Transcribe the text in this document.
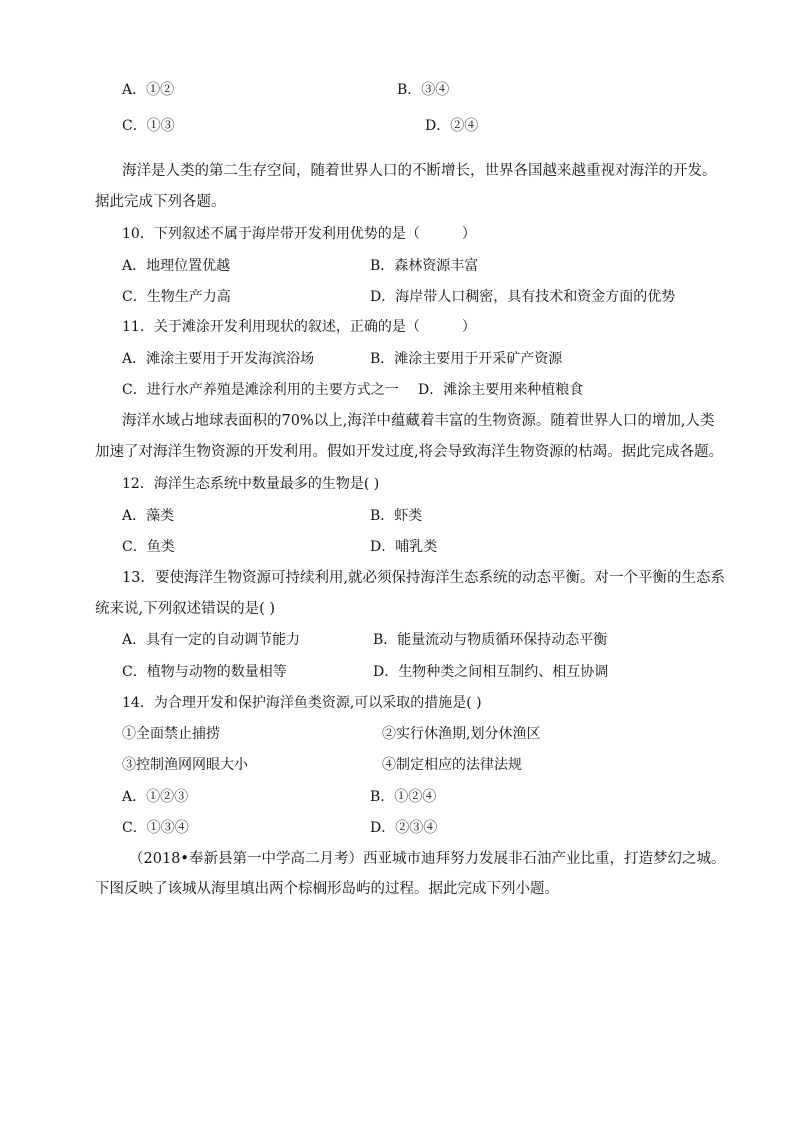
A．①②	B．③④
C．①③	D．②④
海洋是人类的第二生存空间，随着世界人口的不断增长，世界各国越来越重视对海洋的开发。
据此完成下列各题。
10．下列叙述不属于海岸带开发利用优势的是（　　　）
A．地理位置优越	B．森林资源丰富
C．生物生产力高	D．海岸带人口稠密，具有技术和资金方面的优势
11．关于滩涂开发利用现状的叙述，正确的是（　　　）
A．滩涂主要用于开发海滨浴场	B．滩涂主要用于开采矿产资源
C．进行水产养殖是滩涂利用的主要方式之一 D．滩涂主要用来种植粮食
海洋水域占地球表面积的70%以上,海洋中蕴藏着丰富的生物资源。随着世界人口的增加,人类
加速了对海洋生物资源的开发利用。假如开发过度,将会导致海洋生物资源的枯竭。据此完成各题。
12．海洋生态系统中数量最多的生物是( )
A．藻类	B．虾类
C．鱼类	D．哺乳类
13．要使海洋生物资源可持续利用,就必须保持海洋生态系统的动态平衡。对一个平衡的生态系
统来说,下列叙述错误的是( )
A．具有一定的自动调节能力	B．能量流动与物质循环保持动态平衡
C．植物与动物的数量相等	D．生物种类之间相互制约、相互协调
14．为合理开发和保护海洋鱼类资源,可以采取的措施是( )
①全面禁止捕捞	②实行休渔期,划分休渔区
③控制渔网网眼大小	④制定相应的法律法规
A．①②③	B．①②④
C．①③④	D．②③④
（2018•奉新县第一中学高二月考）西亚城市迪拜努力发展非石油产业比重，打造梦幻之城。
下图反映了该城从海里填出两个棕榈形岛屿的过程。据此完成下列小题。
